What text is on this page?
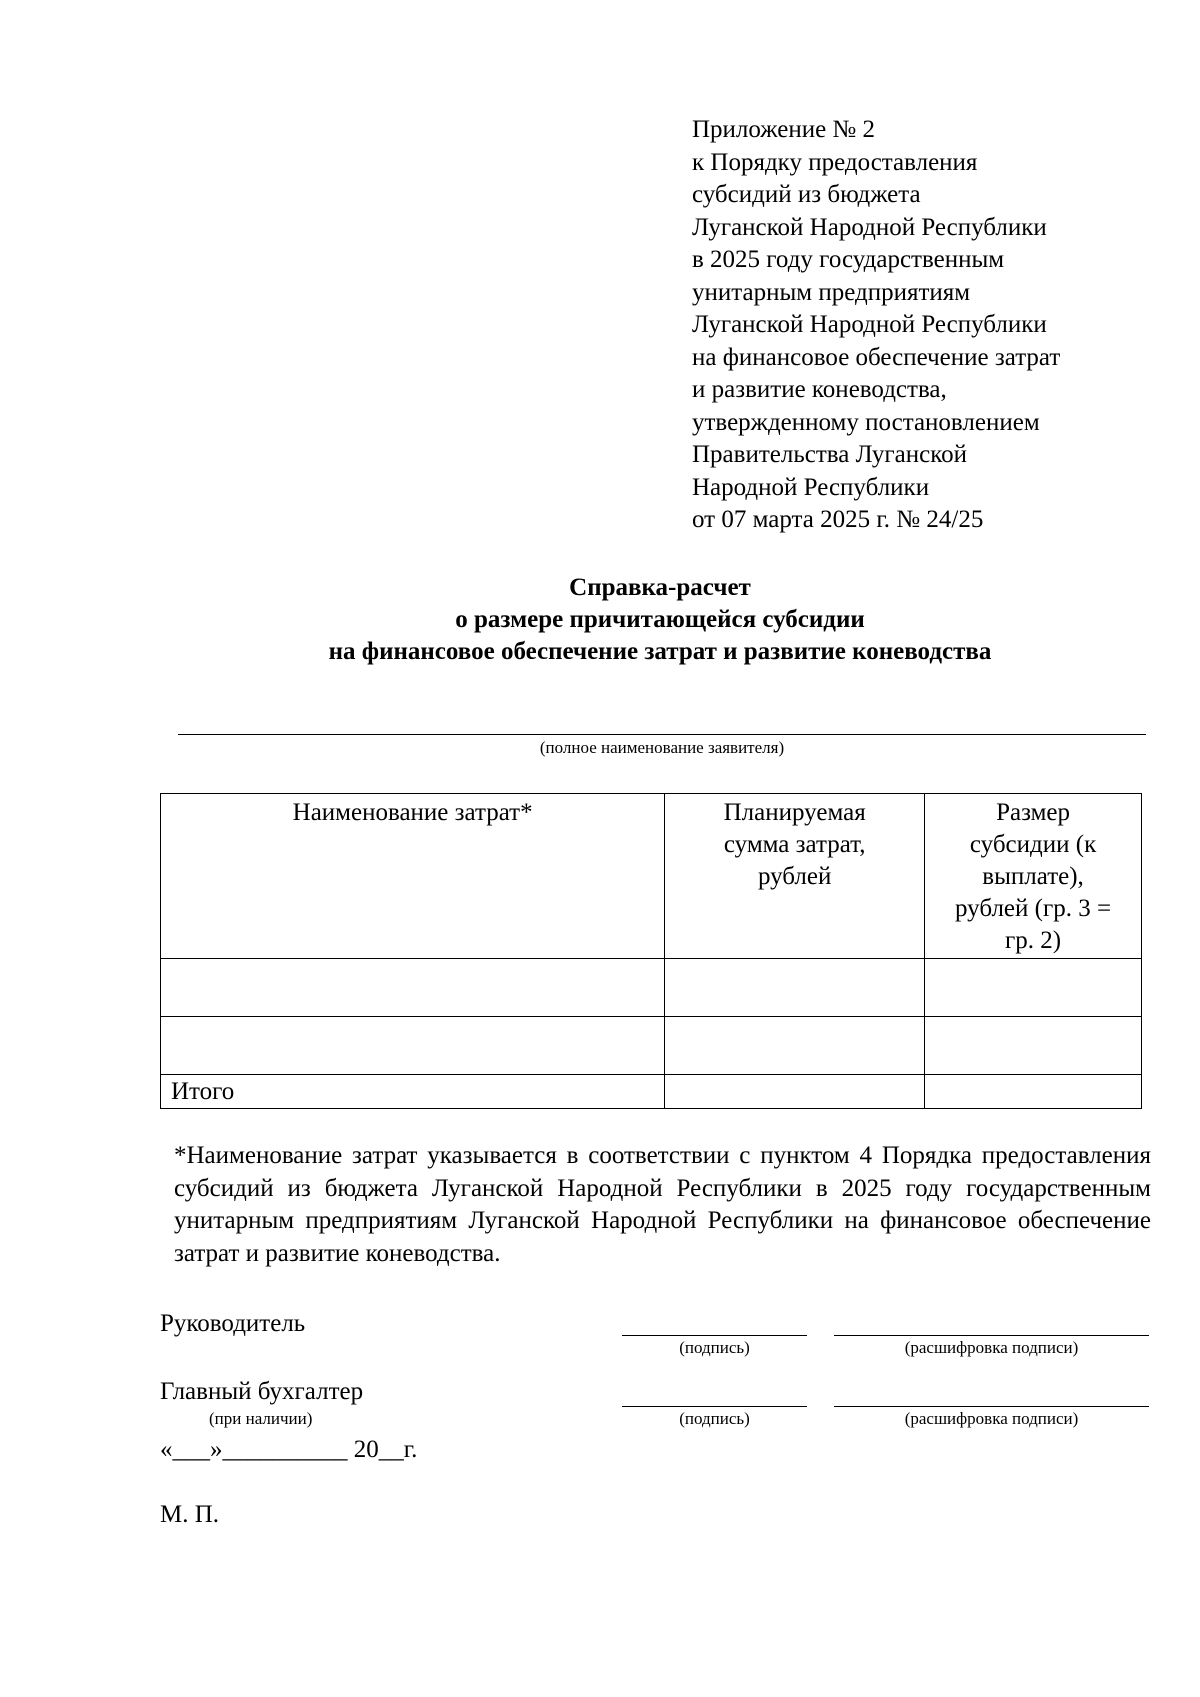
Приложение № 2
к Порядку предоставления
субсидий из бюджета
Луганской Народной Республики
в 2025 году государственным
унитарным предприятиям
Луганской Народной Республики
на финансовое обеспечение затрат
и развитие коневодства,
утвержденному постановлением
Правительства Луганской
Народной Республики
от 07 марта 2025 г. № 24/25
Справка-расчет
о размере причитающейся субсидии
на финансовое обеспечение затрат и развитие коневодства
(полное наименование заявителя)
Наименование затрат*	Планируемая сумма затрат, рублей	Размер субсидии (к выплате), рублей (гр. 3 = гр. 2)

Итого		
*Наименование затрат указывается в соответствии с пунктом 4 Порядка предоставления субсидий из бюджета Луганской Народной Республики в 2025 году государственным унитарным предприятиям Луганской Народной Республики на финансовое обеспечение затрат и развитие коневодства.
Руководитель
(подпись)	(расшифровка подписи)
Главный бухгалтер
(при наличии)	(подпись)	(расшифровка подписи)
«___»__________ 20__г.
М. П.
